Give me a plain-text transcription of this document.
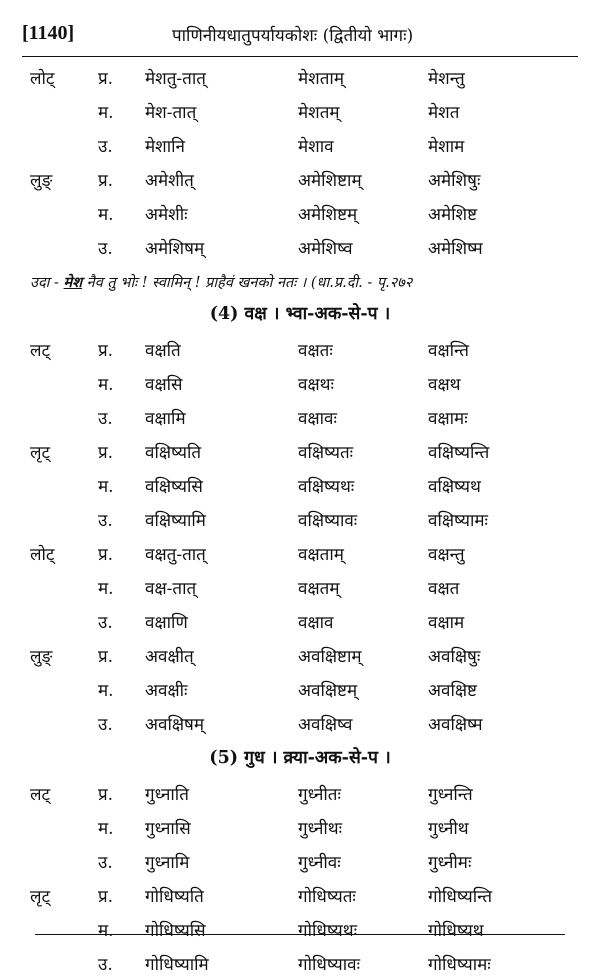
[1140]	पाणिनीयधातुपर्यायकोशः (द्वितीयो भागः)
लोट्	प्र. मेशतु-तात्	मेशताम्	मेशन्तु
म. मेश-तात्	मेशतम्	मेशत
उ. मेशानि	मेशाव	मेशाम
लुङ्	प्र. अमेशीत्	अमेशिष्टाम्	अमेशिषुः
म. अमेशीः	अमेशिष्टम्	अमेशिष्ट
उ. अमेशिषम्	अमेशिष्व	अमेशिष्म
उदा - मेश नैव तु भोः ! स्वामिन् ! प्राहैवं खनको नतः । (धा.प्र.दी. - पृ.२७२
(4) वक्ष । भ्वा-अक-से-प ।
लट्	प्र. वक्षति	वक्षतः	वक्षन्ति
म. वक्षसि	वक्षथः	वक्षथ
उ. वक्षामि	वक्षावः	वक्षामः
लृट्	प्र. वक्षिष्यति	वक्षिष्यतः	वक्षिष्यन्ति
म. वक्षिष्यसि	वक्षिष्यथः	वक्षिष्यथ
उ. वक्षिष्यामि	वक्षिष्यावः	वक्षिष्यामः
लोट्	प्र. वक्षतु-तात्	वक्षताम्	वक्षन्तु
म. वक्ष-तात्	वक्षतम्	वक्षत
उ. वक्षाणि	वक्षाव	वक्षाम
लुङ्	प्र. अवक्षीत्	अवक्षिष्टाम्	अवक्षिषुः
म. अवक्षीः	अवक्षिष्टम्	अवक्षिष्ट
उ. अवक्षिषम्	अवक्षिष्व	अवक्षिष्म
(5) गुध । क्र्या-अक-से-प ।
लट्	प्र. गुध्नाति	गुध्नीतः	गुध्नन्ति
म. गुध्नासि	गुध्नीथः	गुध्नीथ
उ. गुध्नामि	गुध्नीवः	गुध्नीमः
लृट्	प्र. गोधिष्यति	गोधिष्यतः	गोधिष्यन्ति
म. गोधिष्यसि	गोधिष्यथः	गोधिष्यथ
उ. गोधिष्यामि	गोधिष्यावः	गोधिष्यामः
